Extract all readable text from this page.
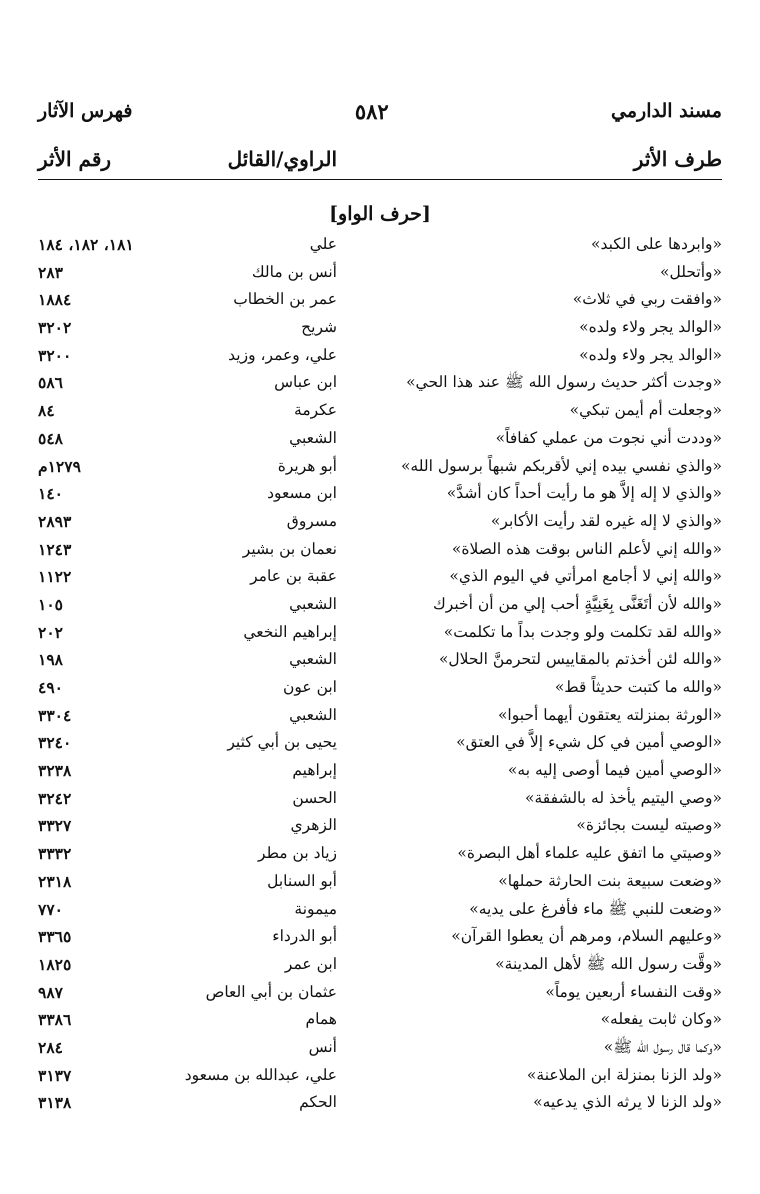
مسند الدارمي
٥٨٢
فهرس الآثار
طرف الأثر
الراوي/القائل
رقم الأثر
[حرف الواو]
«وابردها على الكبد»
علي
١٨١، ١٨٢، ١٨٤
«وأتحلل»
أنس بن مالك
٢٨٣
«وافقت ربي في ثلاث»
عمر بن الخطاب
١٨٨٤
«الوالد يجر ولاء ولده»
شريح
٣٢٠٢
«الوالد يجر ولاء ولده»
علي، وعمر، وزيد
٣٢٠٠
«وجدت أكثر حديث رسول الله ﷺ عند هذا الحي»
ابن عباس
٥٨٦
«وجعلت أم أيمن تبكي»
عكرمة
٨٤
«وددت أني نجوت من عملي كفافاً»
الشعبي
٥٤٨
«والذي نفسي بيده إني لأقربكم شبهاً برسول الله»
أبو هريرة
١٢٧٩م
«والذي لا إله إلاَّ هو ما رأيت أحداً كان أشدَّ»
ابن مسعود
١٤٠
«والذي لا إله غيره لقد رأيت الأكابر»
مسروق
٢٨٩٣
«والله إني لأعلم الناس بوقت هذه الصلاة»
نعمان بن بشير
١٢٤٣
«والله إني لا أجامع امرأتي في اليوم الذي»
عقبة بن عامر
١١٢٢
«والله لأن أتَغَنَّى بِغَنِيَّةٍ أحب إلي من أن أخبرك
الشعبي
١٠٥
«والله لقد تكلمت ولو وجدت بداً ما تكلمت»
إبراهيم النخعي
٢٠٢
«والله لئن أخذتم بالمقاييس لتحرمنَّ الحلال»
الشعبي
١٩٨
«والله ما كتبت حديثاً قط»
ابن عون
٤٩٠
«الورثة بمنزلته يعتقون أيهما أحبوا»
الشعبي
٣٣٠٤
«الوصي أمين في كل شيء إلاَّ في العتق»
يحيى بن أبي كثير
٣٢٤٠
«الوصي أمين فيما أوصى إليه به»
إبراهيم
٣٢٣٨
«وصي اليتيم يأخذ له بالشفقة»
الحسن
٣٢٤٢
«وصيته ليست بجائزة»
الزهري
٣٣٢٧
«وصيتي ما اتفق عليه علماء أهل البصرة»
زياد بن مطر
٣٣٣٢
«وضعت سبيعة بنت الحارثة حملها»
أبو السنابل
٢٣١٨
«وضعت للنبي ﷺ ماء فأفرغ على يديه»
ميمونة
٧٧٠
«وعليهم السلام، ومرهم أن يعطوا القرآن»
أبو الدرداء
٣٣٦٥
«وقَّت رسول الله ﷺ لأهل المدينة»
ابن عمر
١٨٢٥
«وقت النفساء أربعين يوماً»
عثمان بن أبي العاص
٩٨٧
«وكان ثابت يفعله»
همام
٣٣٨٦
«وكما قال رسول الله ﷺ»
أنس
٢٨٤
«ولد الزنا بمنزلة ابن الملاعنة»
علي، عبدالله بن مسعود
٣١٣٧
«ولد الزنا لا يرثه الذي يدعيه»
الحكم
٣١٣٨
